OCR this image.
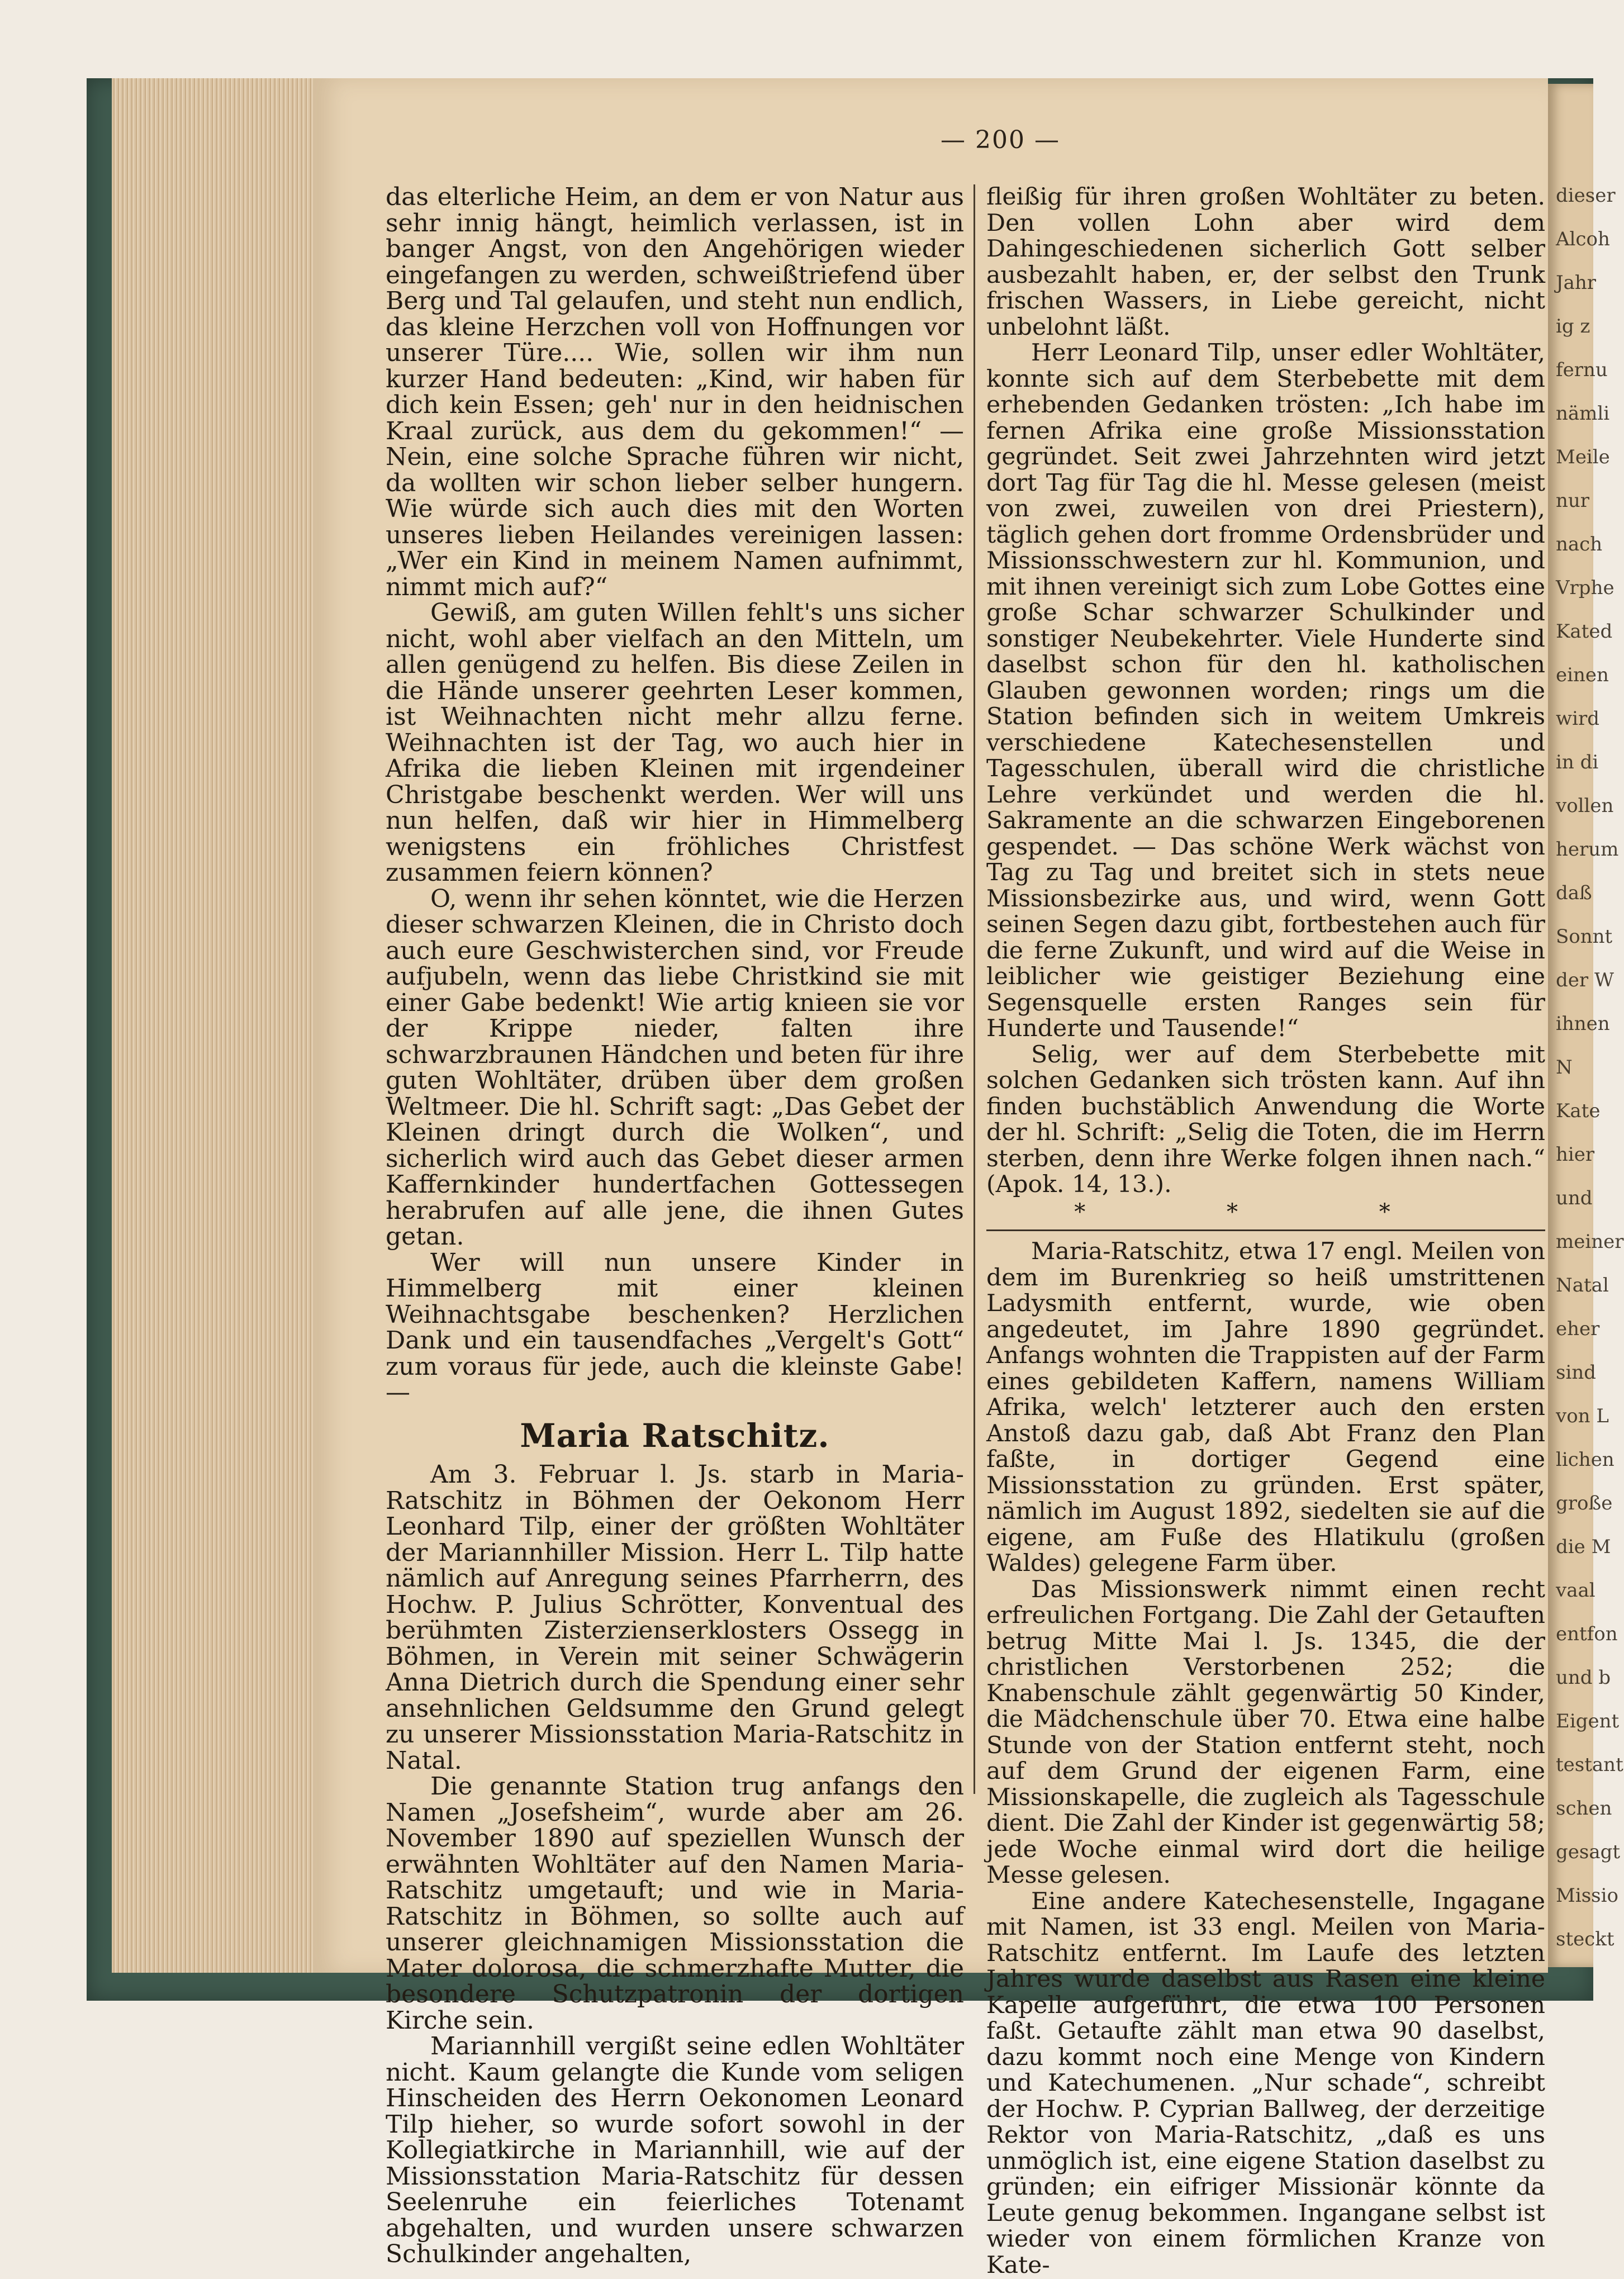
dieser
Alcoh
Jahr
ig z
fernu
nämli
Meile
nur
nach
Vrphe
Kated
einen
wird
in di
vollen
herum
daß
Sonnt
der W
ihnen
N
Kate
hier
und
meiner
Natal
eher
sind
von L
lichen
große
die M
vaal
entfon
und b
Eigent
testant
schen
gesagt
Missio
steckt
— 200 —

das elterliche Heim, an dem er von Natur aus sehr innig hängt, heimlich verlassen, ist in banger Angst, von den Angehörigen wieder eingefangen zu werden, schweißtriefend über Berg und Tal gelaufen, und steht nun endlich, das kleine Herzchen voll von Hoffnungen vor unserer Türe.... Wie, sollen wir ihm nun kurzer Hand bedeuten: „Kind, wir haben für dich kein Essen; geh' nur in den heidnischen Kraal zurück, aus dem du gekommen!“ — Nein, eine solche Sprache führen wir nicht, da wollten wir schon lieber selber hungern. Wie würde sich auch dies mit den Worten unseres lieben Heilandes vereinigen lassen: „Wer ein Kind in meinem Namen aufnimmt, nimmt mich auf?“

Gewiß, am guten Willen fehlt's uns sicher nicht, wohl aber vielfach an den Mitteln, um allen genügend zu helfen. Bis diese Zeilen in die Hände unserer geehrten Leser kommen, ist Weihnachten nicht mehr allzu ferne. Weihnachten ist der Tag, wo auch hier in Afrika die lieben Kleinen mit irgendeiner Christgabe beschenkt werden. Wer will uns nun helfen, daß wir hier in Himmelberg wenigstens ein fröhliches Christfest zusammen feiern können?

O, wenn ihr sehen könntet, wie die Herzen dieser schwarzen Kleinen, die in Christo doch auch eure Geschwisterchen sind, vor Freude aufjubeln, wenn das liebe Christkind sie mit einer Gabe bedenkt! Wie artig knieen sie vor der Krippe nieder, falten ihre schwarzbraunen Händchen und beten für ihre guten Wohltäter, drüben über dem großen Weltmeer. Die hl. Schrift sagt: „Das Gebet der Kleinen dringt durch die Wolken“, und sicherlich wird auch das Gebet dieser armen Kaffernkinder hundertfachen Gottessegen herabrufen auf alle jene, die ihnen Gutes getan.

Wer will nun unsere Kinder in Himmelberg mit einer kleinen Weihnachtsgabe beschenken? Herzlichen Dank und ein tausendfaches „Vergelt's Gott“ zum voraus für jede, auch die kleinste Gabe! —

Maria Ratschitz.

Am 3. Februar l. Js. starb in Maria-Ratschitz in Böhmen der Oekonom Herr Leonhard Tilp, einer der größten Wohltäter der Mariannhiller Mission. Herr L. Tilp hatte nämlich auf Anregung seines Pfarrherrn, des Hochw. P. Julius Schrötter, Konventual des berühmten Zisterzienserklosters Ossegg in Böhmen, in Verein mit seiner Schwägerin Anna Dietrich durch die Spendung einer sehr ansehnlichen Geldsumme den Grund gelegt zu unserer Missionsstation Maria-Ratschitz in Natal.

Die genannte Station trug anfangs den Namen „Josefsheim“, wurde aber am 26. November 1890 auf speziellen Wunsch der erwähnten Wohltäter auf den Namen Maria-Ratschitz umgetauft; und wie in Maria-Ratschitz in Böhmen, so sollte auch auf unserer gleichnamigen Missionsstation die Mater dolorosa, die schmerzhafte Mutter, die besondere Schutzpatronin der dortigen Kirche sein.

Mariannhill vergißt seine edlen Wohltäter nicht. Kaum gelangte die Kunde vom seligen Hinscheiden des Herrn Oekonomen Leonard Tilp hieher, so wurde sofort sowohl in der Kollegiatkirche in Mariannhill, wie auf der Missionsstation Maria-Ratschitz für dessen Seelenruhe ein feierliches Totenamt abgehalten, und wurden unsere schwarzen Schulkinder angehalten,

fleißig für ihren großen Wohltäter zu beten. Den vollen Lohn aber wird dem Dahingeschiedenen sicherlich Gott selber ausbezahlt haben, er, der selbst den Trunk frischen Wassers, in Liebe gereicht, nicht unbelohnt läßt.

Herr Leonard Tilp, unser edler Wohltäter, konnte sich auf dem Sterbebette mit dem erhebenden Gedanken trösten: „Ich habe im fernen Afrika eine große Missionsstation gegründet. Seit zwei Jahrzehnten wird jetzt dort Tag für Tag die hl. Messe gelesen (meist von zwei, zuweilen von drei Priestern), täglich gehen dort fromme Ordensbrüder und Missionsschwestern zur hl. Kommunion, und mit ihnen vereinigt sich zum Lobe Gottes eine große Schar schwarzer Schulkinder und sonstiger Neubekehrter. Viele Hunderte sind daselbst schon für den hl. katholischen Glauben gewonnen worden; rings um die Station befinden sich in weitem Umkreis verschiedene Katechesenstellen und Tagesschulen, überall wird die christliche Lehre verkündet und werden die hl. Sakramente an die schwarzen Eingeborenen gespendet. — Das schöne Werk wächst von Tag zu Tag und breitet sich in stets neue Missionsbezirke aus, und wird, wenn Gott seinen Segen dazu gibt, fortbestehen auch für die ferne Zukunft, und wird auf die Weise in leiblicher wie geistiger Beziehung eine Segensquelle ersten Ranges sein für Hunderte und Tausende!“

Selig, wer auf dem Sterbebette mit solchen Gedanken sich trösten kann. Auf ihn finden buchstäblich Anwendung die Worte der hl. Schrift: „Selig die Toten, die im Herrn sterben, denn ihre Werke folgen ihnen nach.“ (Apok. 14, 13.).

* * *

Maria-Ratschitz, etwa 17 engl. Meilen von dem im Burenkrieg so heiß umstrittenen Ladysmith entfernt, wurde, wie oben angedeutet, im Jahre 1890 gegründet. Anfangs wohnten die Trappisten auf der Farm eines gebildeten Kaffern, namens William Afrika, welch' letzterer auch den ersten Anstoß dazu gab, daß Abt Franz den Plan faßte, in dortiger Gegend eine Missionsstation zu gründen. Erst später, nämlich im August 1892, siedelten sie auf die eigene, am Fuße des Hlatikulu (großen Waldes) gelegene Farm über.

Das Missionswerk nimmt einen recht erfreulichen Fortgang. Die Zahl der Getauften betrug Mitte Mai l. Js. 1345, die der christlichen Verstorbenen 252; die Knabenschule zählt gegenwärtig 50 Kinder, die Mädchenschule über 70. Etwa eine halbe Stunde von der Station entfernt steht, noch auf dem Grund der eigenen Farm, eine Missionskapelle, die zugleich als Tagesschule dient. Die Zahl der Kinder ist gegenwärtig 58; jede Woche einmal wird dort die heilige Messe gelesen.

Eine andere Katechesenstelle, Ingagane mit Namen, ist 33 engl. Meilen von Maria-Ratschitz entfernt. Im Laufe des letzten Jahres wurde daselbst aus Rasen eine kleine Kapelle aufgeführt, die etwa 100 Personen faßt. Getaufte zählt man etwa 90 daselbst, dazu kommt noch eine Menge von Kindern und Katechumenen. „Nur schade“, schreibt der Hochw. P. Cyprian Ballweg, der derzeitige Rektor von Maria-Ratschitz, „daß es uns unmöglich ist, eine eigene Station daselbst zu gründen; ein eifriger Missionär könnte da Leute genug bekommen. Ingangane selbst ist wieder von einem förmlichen Kranze von Kate-
